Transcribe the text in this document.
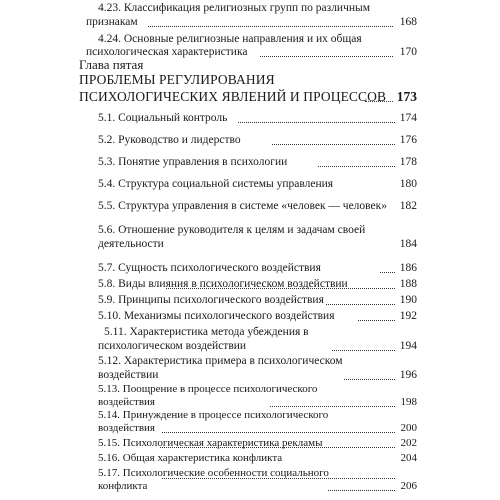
4.23. Классификация религиозных групп по различным
признакам	168
4.24. Основные религиозные направления и их общая
психологическая характеристика	170
Глава пятая
ПРОБЛЕМЫ РЕГУЛИРОВАНИЯ
ПСИХОЛОГИЧЕСКИХ ЯВЛЕНИЙ И ПРОЦЕССОВ 173
5.1. Социальный контроль	174
5.2. Руководство и лидерство	176
5.3. Понятие управления в психологии	178
5.4. Структура социальной системы управления	180
5.5. Структура управления в системе «человек — человек»	182
5.6. Отношение руководителя к целям и задачам своей
деятельности	184
5.7. Сущность психологического воздействия	186
5.8. Виды влияния в психологическом воздействии	188
5.9. Принципы психологического воздействия	190
5.10. Механизмы психологического воздействия	192
5.11. Характеристика метода убеждения в
психологическом воздействии	194
5.12. Характеристика примера в психологическом
воздействии	196
5.13. Поощрение в процессе психологического
воздействия	198
5.14. Принуждение в процессе психологического
воздействия	200
5.15. Психологическая характеристика рекламы	202
5.16. Общая характеристика конфликта	204
5.17. Психологические особенности социального
конфликта	206
